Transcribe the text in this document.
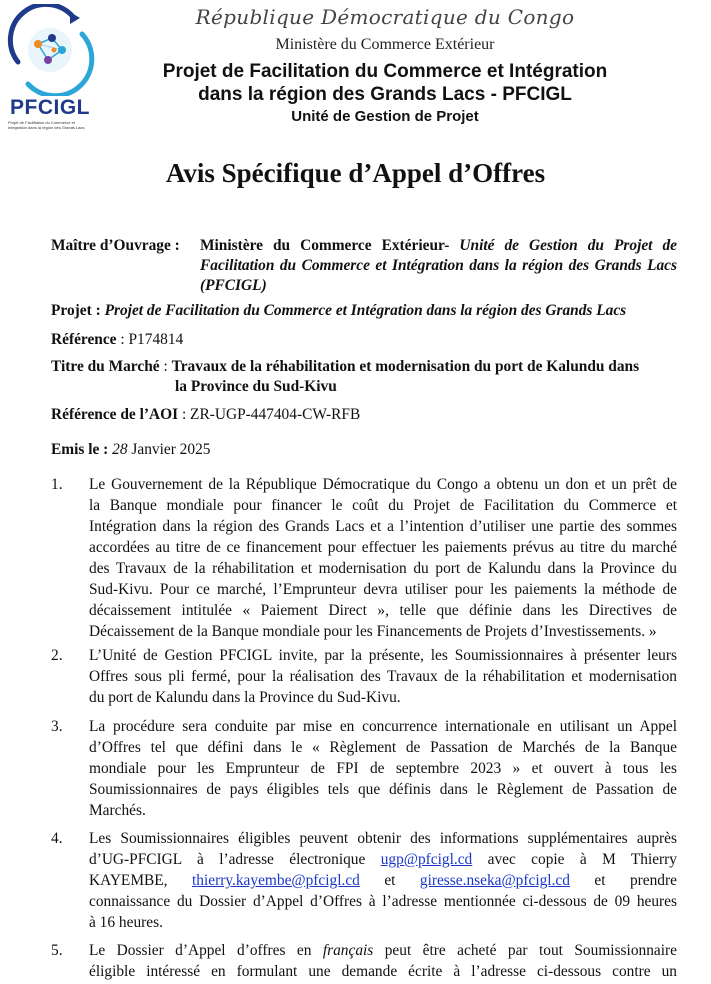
PFCIGL
Projet de Facilitation du Commerce et Intégration dans la région des Grands Lacs
République Démocratique du Congo
Ministère du Commerce Extérieur
Projet de Facilitation du Commerce et Intégration
dans la région des Grands Lacs - PFCIGL
Unité de Gestion de Projet
Avis Spécifique d’Appel d’Offres
Maître d’Ouvrage : Ministère du Commerce Extérieur- Unité de Gestion du Projet de Facilitation du Commerce et Intégration dans la région des Grands Lacs (PFCIGL)
Projet : Projet de Facilitation du Commerce et Intégration dans la région des Grands Lacs
Référence : P174814
Titre du Marché : Travaux de la réhabilitation et modernisation du port de Kalundu dans
la Province du Sud-Kivu
Référence de l’AOI : ZR-UGP-447404-CW-RFB
Emis le : 28 Janvier 2025
1.	Le Gouvernement de la République Démocratique du Congo a obtenu un don et un prêt de
la Banque mondiale pour financer le coût du Projet de Facilitation du Commerce et
Intégration dans la région des Grands Lacs et a l’intention d’utiliser une partie des sommes
accordées au titre de ce financement pour effectuer les paiements prévus au titre du marché
des Travaux de la réhabilitation et modernisation du port de Kalundu dans la Province du
Sud-Kivu. Pour ce marché, l’Emprunteur devra utiliser pour les paiements la méthode de
décaissement intitulée « Paiement Direct », telle que définie dans les Directives de
Décaissement de la Banque mondiale pour les Financements de Projets d’Investissements. »
2.	L’Unité de Gestion PFCIGL invite, par la présente, les Soumissionnaires à présenter leurs
Offres sous pli fermé, pour la réalisation des Travaux de la réhabilitation et modernisation
du port de Kalundu dans la Province du Sud-Kivu.
3.	La procédure sera conduite par mise en concurrence internationale en utilisant un Appel
d’Offres tel que défini dans le « Règlement de Passation de Marchés de la Banque
mondiale pour les Emprunteur de FPI de septembre 2023 » et ouvert à tous les
Soumissionnaires de pays éligibles tels que définis dans le Règlement de Passation de
Marchés.
4.	Les Soumissionnaires éligibles peuvent obtenir des informations supplémentaires auprès
d’UG-PFCIGL à l’adresse électronique ugp@pfcigl.cd avec copie à M Thierry
KAYEMBE, thierry.kayembe@pfcigl.cd et giresse.nseka@pfcigl.cd et prendre
connaissance du Dossier d’Appel d’Offres à l’adresse mentionnée ci-dessous de 09 heures
à 16 heures.
5.	Le Dossier d’Appel d’offres en français peut être acheté par tout Soumissionnaire
éligible intéressé en formulant une demande écrite à l’adresse ci-dessous contre un
